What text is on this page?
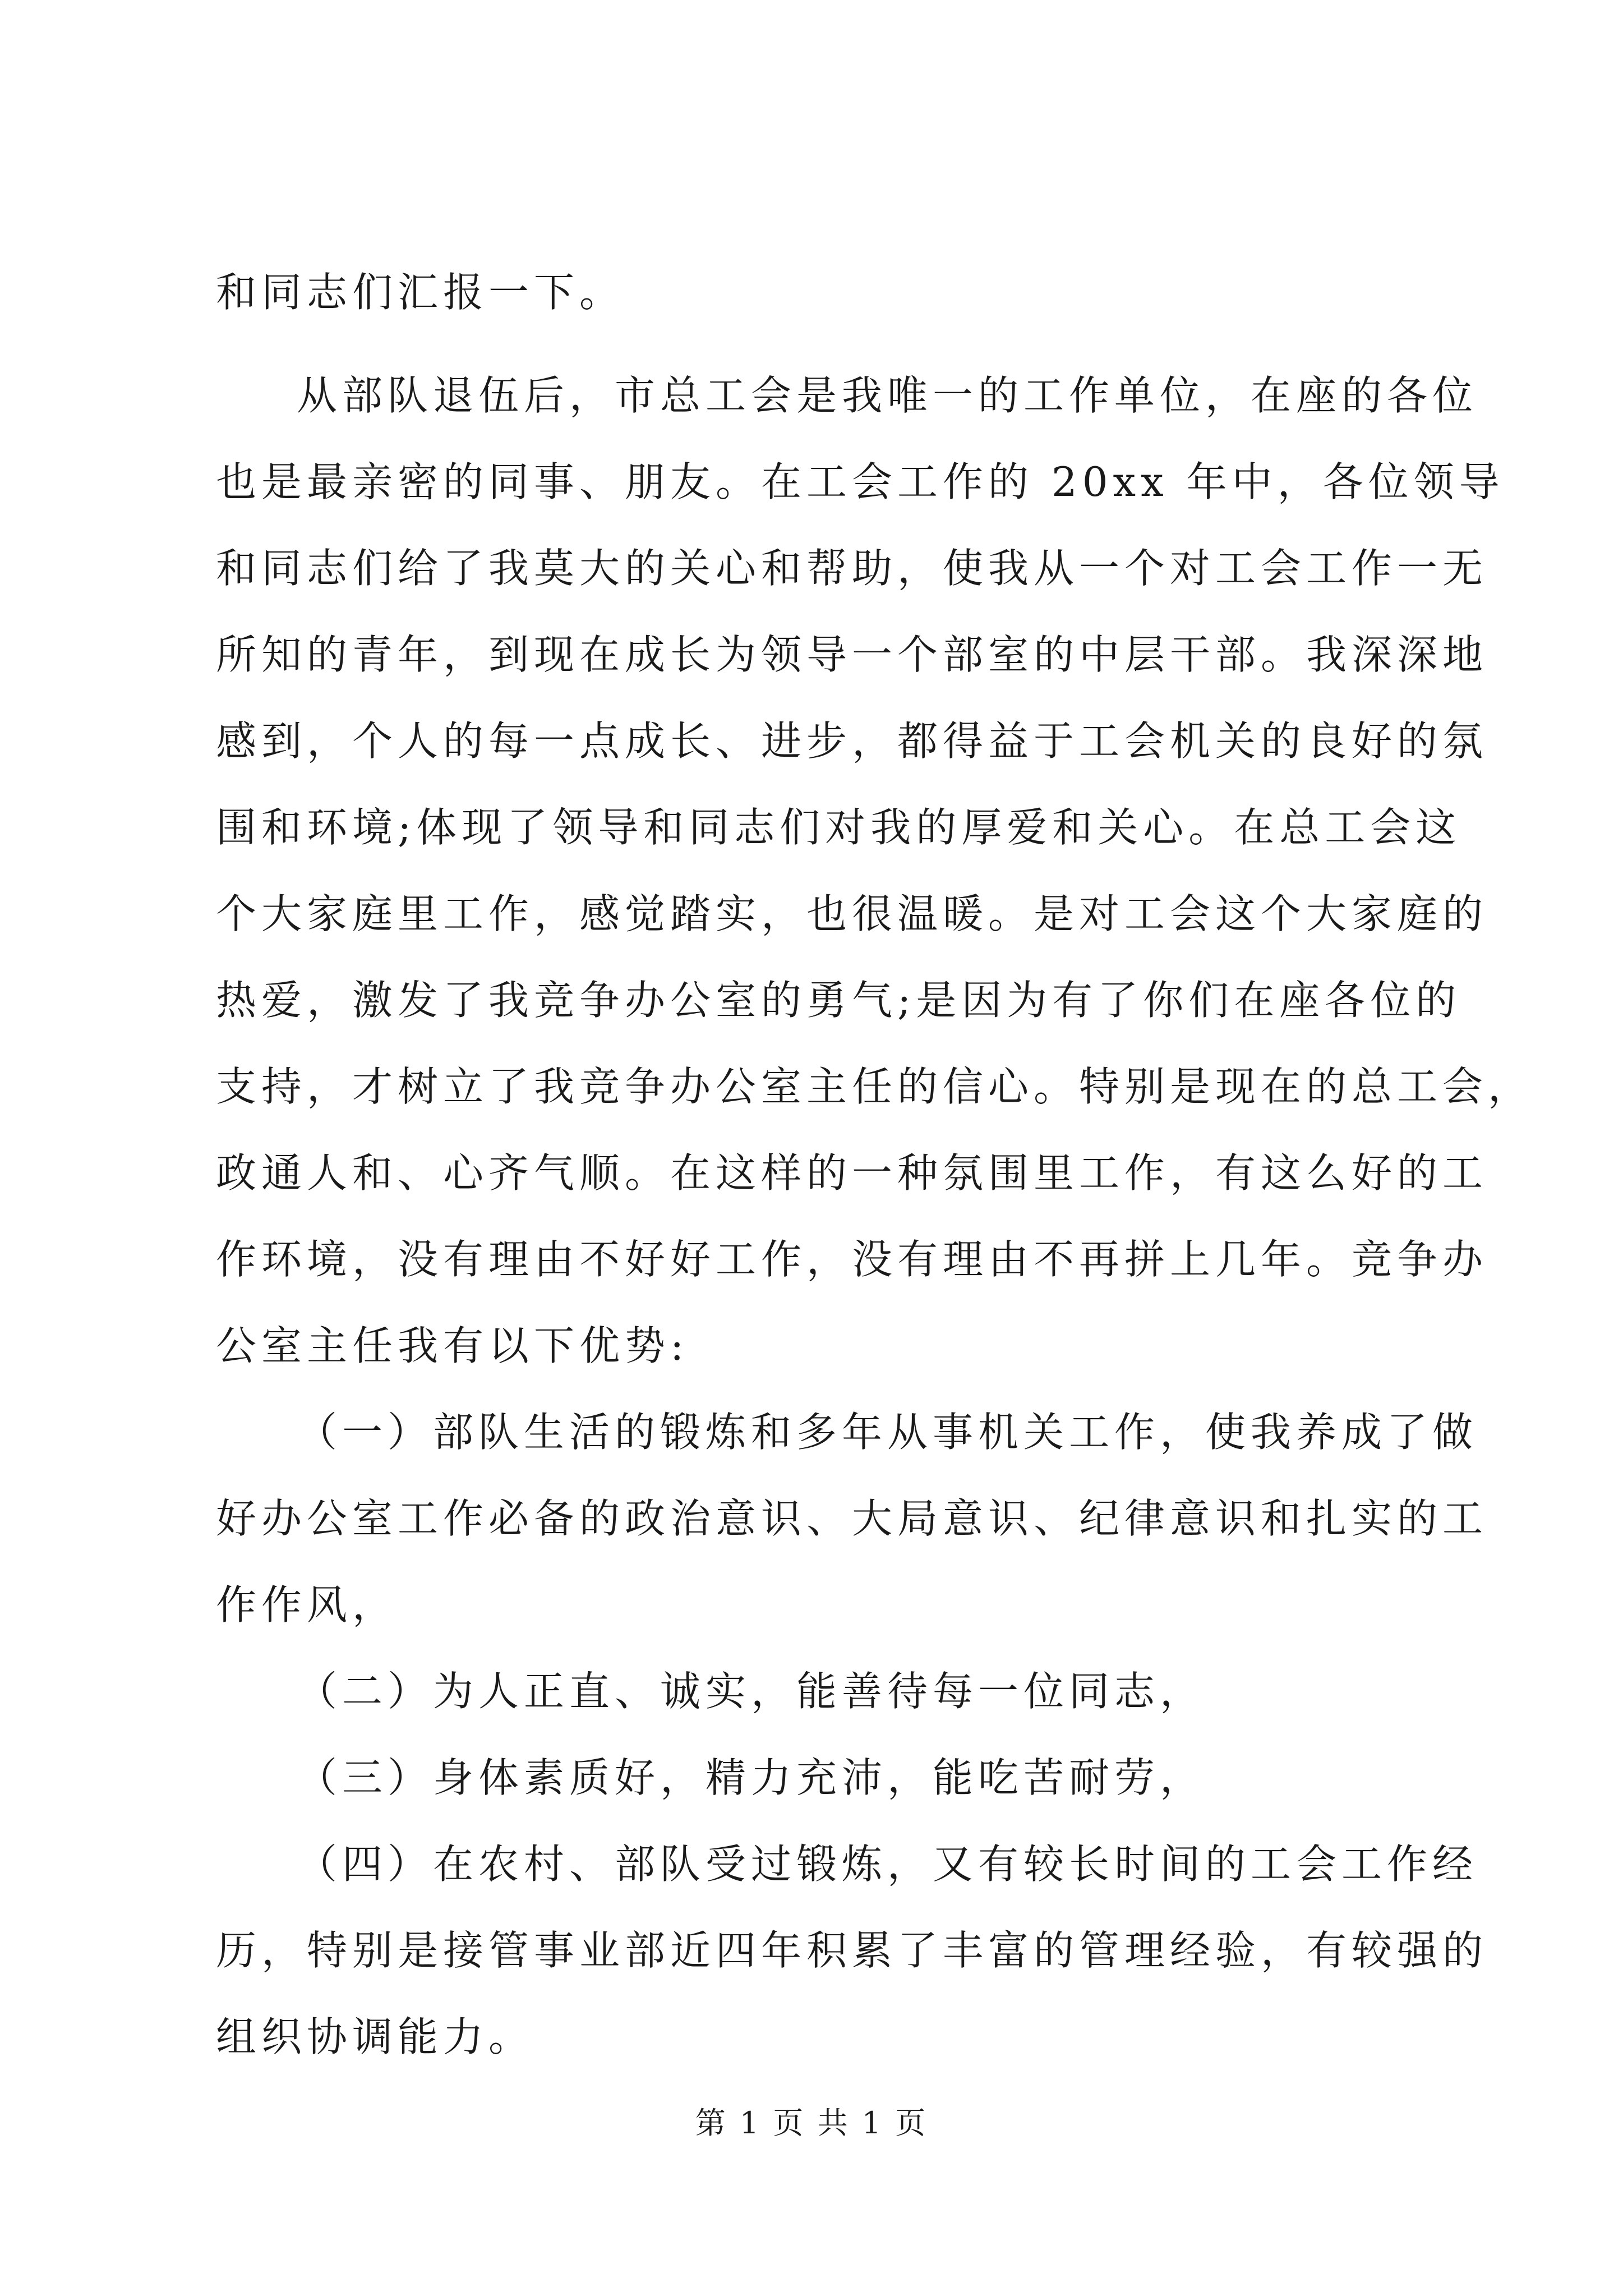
和同志们汇报一下。
从部队退伍后，市总工会是我唯一的工作单位，在座的各位
也是最亲密的同事、朋友。在工会工作的 20xx 年中，各位领导
和同志们给了我莫大的关心和帮助，使我从一个对工会工作一无
所知的青年，到现在成长为领导一个部室的中层干部。我深深地
感到，个人的每一点成长、进步，都得益于工会机关的良好的氛
围和环境;体现了领导和同志们对我的厚爱和关心。在总工会这
个大家庭里工作，感觉踏实，也很温暖。是对工会这个大家庭的
热爱，激发了我竞争办公室的勇气;是因为有了你们在座各位的
支持，才树立了我竞争办公室主任的信心。特别是现在的总工会，
政通人和、心齐气顺。在这样的一种氛围里工作，有这么好的工
作环境，没有理由不好好工作，没有理由不再拼上几年。竞争办
公室主任我有以下优势:
（一）部队生活的锻炼和多年从事机关工作，使我养成了做
好办公室工作必备的政治意识、大局意识、纪律意识和扎实的工
作作风，
（二）为人正直、诚实，能善待每一位同志，
（三）身体素质好，精力充沛，能吃苦耐劳，
（四）在农村、部队受过锻炼，又有较长时间的工会工作经
历，特别是接管事业部近四年积累了丰富的管理经验，有较强的
组织协调能力。
第 1 页 共 1 页
